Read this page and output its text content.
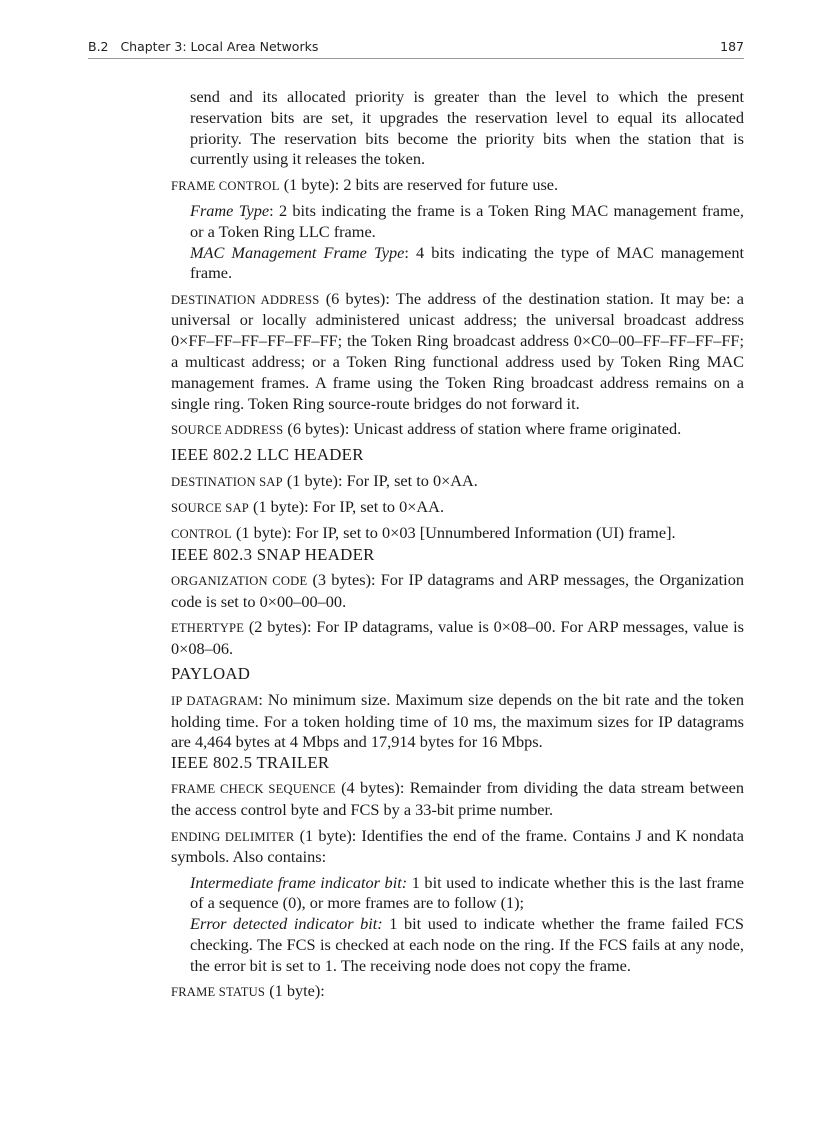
B.2 Chapter 3: Local Area Networks	187

send and its allocated priority is greater than the level to which the present reservation bits are set, it upgrades the reservation level to equal its allocated priority. The reservation bits become the priority bits when the station that is currently using it releases the token.

FRAME CONTROL (1 byte): 2 bits are reserved for future use.

Frame Type: 2 bits indicating the frame is a Token Ring MAC management frame, or a Token Ring LLC frame.

MAC Management Frame Type: 4 bits indicating the type of MAC management frame.

DESTINATION ADDRESS (6 bytes): The address of the destination station. It may be: a universal or locally administered unicast address; the universal broadcast address 0×FF–FF–FF–FF–FF–FF; the Token Ring broadcast address 0×C0–00–FF–FF–FF–FF; a multicast address; or a Token Ring functional address used by Token Ring MAC management frames. A frame using the Token Ring broadcast address remains on a single ring. Token Ring source-route bridges do not forward it.

SOURCE ADDRESS (6 bytes): Unicast address of station where frame originated.

IEEE 802.2 LLC HEADER

DESTINATION SAP (1 byte): For IP, set to 0×AA.

SOURCE SAP (1 byte): For IP, set to 0×AA.

CONTROL (1 byte): For IP, set to 0×03 [Unnumbered Information (UI) frame].

IEEE 802.3 SNAP HEADER

ORGANIZATION CODE (3 bytes): For IP datagrams and ARP messages, the Organization code is set to 0×00–00–00.

ETHERTYPE (2 bytes): For IP datagrams, value is 0×08–00. For ARP messages, value is 0×08–06.

PAYLOAD

IP DATAGRAM: No minimum size. Maximum size depends on the bit rate and the token holding time. For a token holding time of 10 ms, the maximum sizes for IP datagrams are 4,464 bytes at 4 Mbps and 17,914 bytes for 16 Mbps.

IEEE 802.5 TRAILER

FRAME CHECK SEQUENCE (4 bytes): Remainder from dividing the data stream between the access control byte and FCS by a 33-bit prime number.

ENDING DELIMITER (1 byte): Identifies the end of the frame. Contains J and K nondata symbols. Also contains:

Intermediate frame indicator bit: 1 bit used to indicate whether this is the last frame of a sequence (0), or more frames are to follow (1);

Error detected indicator bit: 1 bit used to indicate whether the frame failed FCS checking. The FCS is checked at each node on the ring. If the FCS fails at any node, the error bit is set to 1. The receiving node does not copy the frame.

FRAME STATUS (1 byte):
